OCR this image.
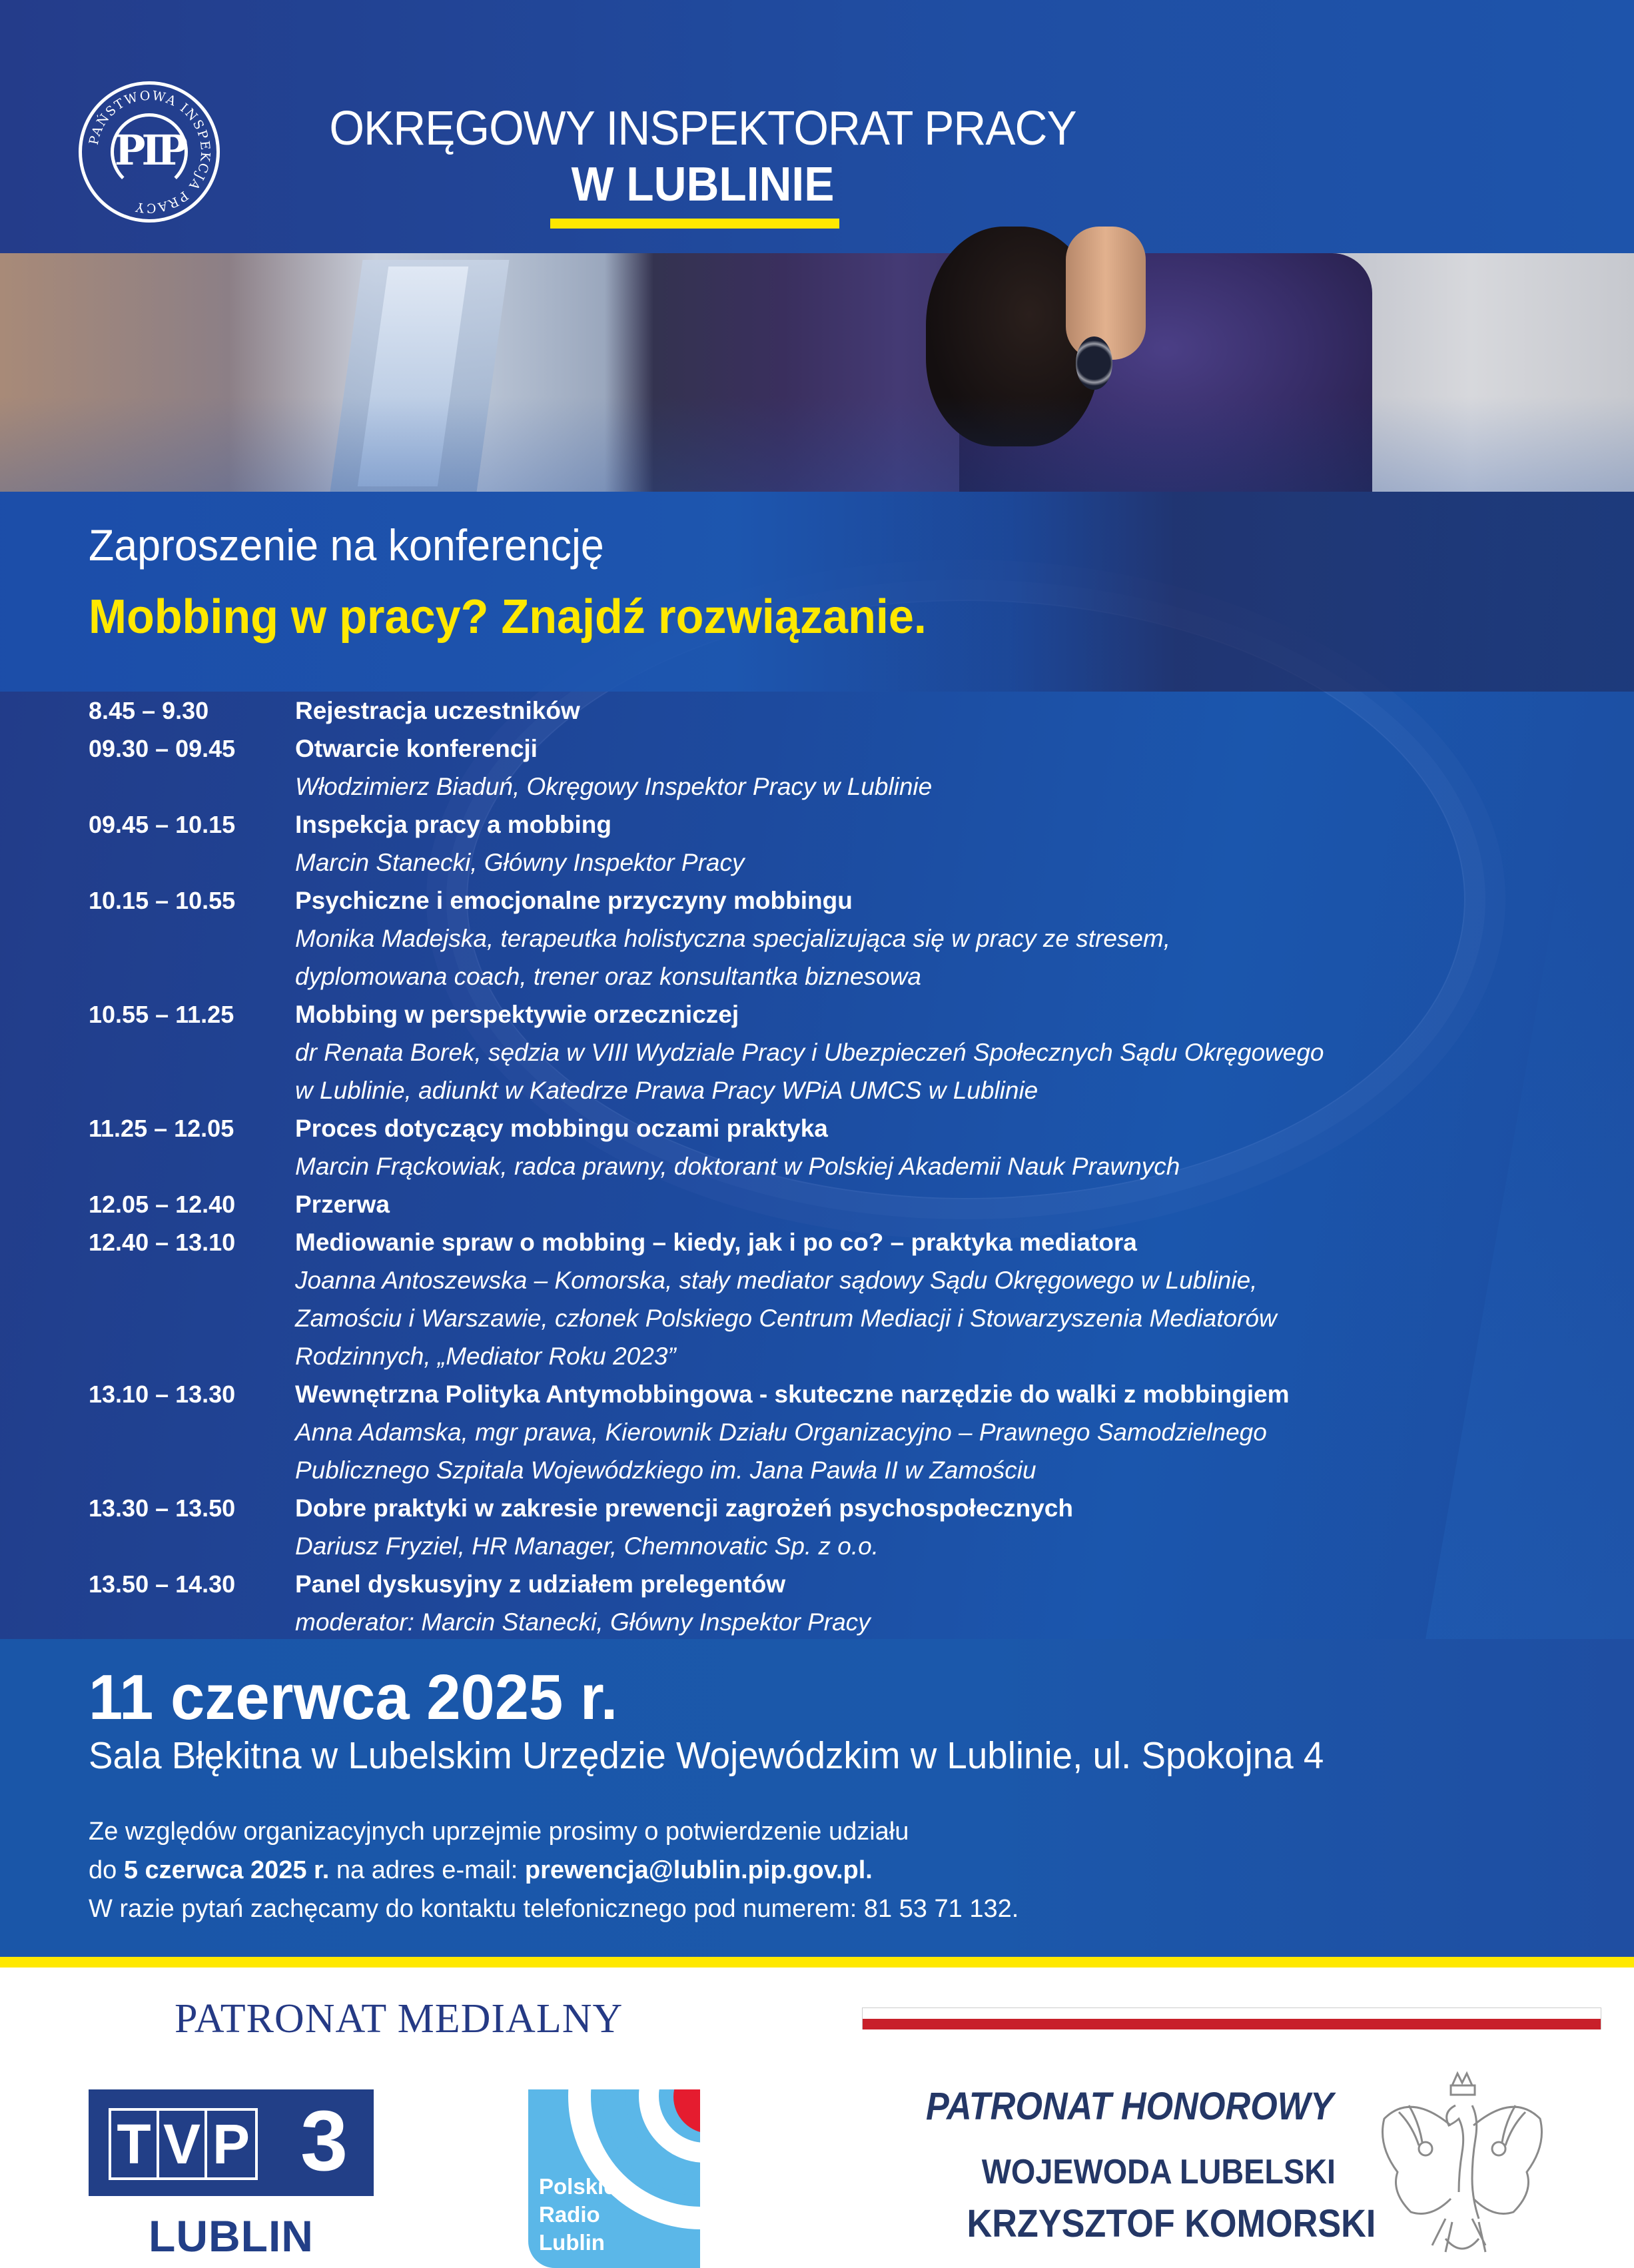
PAŃSTWOWA INSPEKCJA PRACY
PIP	OKRĘGOWY INSPEKTORAT PRACY
W LUBLINIE
Zaproszenie na konferencję
Mobbing w pracy? Znajdź rozwiązanie.
8.45 – 9.30	Rejestracja uczestników
09.30 – 09.45	Otwarcie konferencji
Włodzimierz Biaduń, Okręgowy Inspektor Pracy w Lublinie
09.45 – 10.15	Inspekcja pracy a mobbing
Marcin Stanecki, Główny Inspektor Pracy
10.15 – 10.55	Psychiczne i emocjonalne przyczyny mobbingu
Monika Madejska, terapeutka holistyczna specjalizująca się w pracy ze stresem,
dyplomowana coach, trener oraz konsultantka biznesowa
10.55 – 11.25	Mobbing w perspektywie orzeczniczej
dr Renata Borek, sędzia w VIII Wydziale Pracy i Ubezpieczeń Społecznych Sądu Okręgowego
w Lublinie, adiunkt w Katedrze Prawa Pracy WPiA UMCS w Lublinie
11.25 – 12.05	Proces dotyczący mobbingu oczami praktyka
Marcin Frąckowiak, radca prawny, doktorant w Polskiej Akademii Nauk Prawnych
12.05 – 12.40	Przerwa
12.40 – 13.10	Mediowanie spraw o mobbing – kiedy, jak i po co? – praktyka mediatora
Joanna Antoszewska – Komorska, stały mediator sądowy Sądu Okręgowego w Lublinie,
Zamościu i Warszawie, członek Polskiego Centrum Mediacji i Stowarzyszenia Mediatorów
Rodzinnych, „Mediator Roku 2023”
13.10 – 13.30	Wewnętrzna Polityka Antymobbingowa - skuteczne narzędzie do walki z mobbingiem
Anna Adamska, mgr prawa, Kierownik Działu Organizacyjno – Prawnego Samodzielnego
Publicznego Szpitala Wojewódzkiego im. Jana Pawła II w Zamościu
13.30 – 13.50	Dobre praktyki w zakresie prewencji zagrożeń psychospołecznych
Dariusz Fryziel, HR Manager, Chemnovatic Sp. z o.o.
13.50 – 14.30	Panel dyskusyjny z udziałem prelegentów
moderator: Marcin Stanecki, Główny Inspektor Pracy
11 czerwca 2025 r.
Sala Błękitna w Lubelskim Urzędzie Wojewódzkim w Lublinie, ul. Spokojna 4
Ze względów organizacyjnych uprzejmie prosimy o potwierdzenie udziału
do 5 czerwca 2025 r. na adres e-mail: prewencja@lublin.pip.gov.pl.
W razie pytań zachęcamy do kontaktu telefonicznego pod numerem: 81 53 71 132.
PATRONAT MEDIALNY
T V P 3
LUBLIN
Polskie
Radio
Lublin
PATRONAT HONOROWY
WOJEWODA LUBELSKI
KRZYSZTOF KOMORSKI
